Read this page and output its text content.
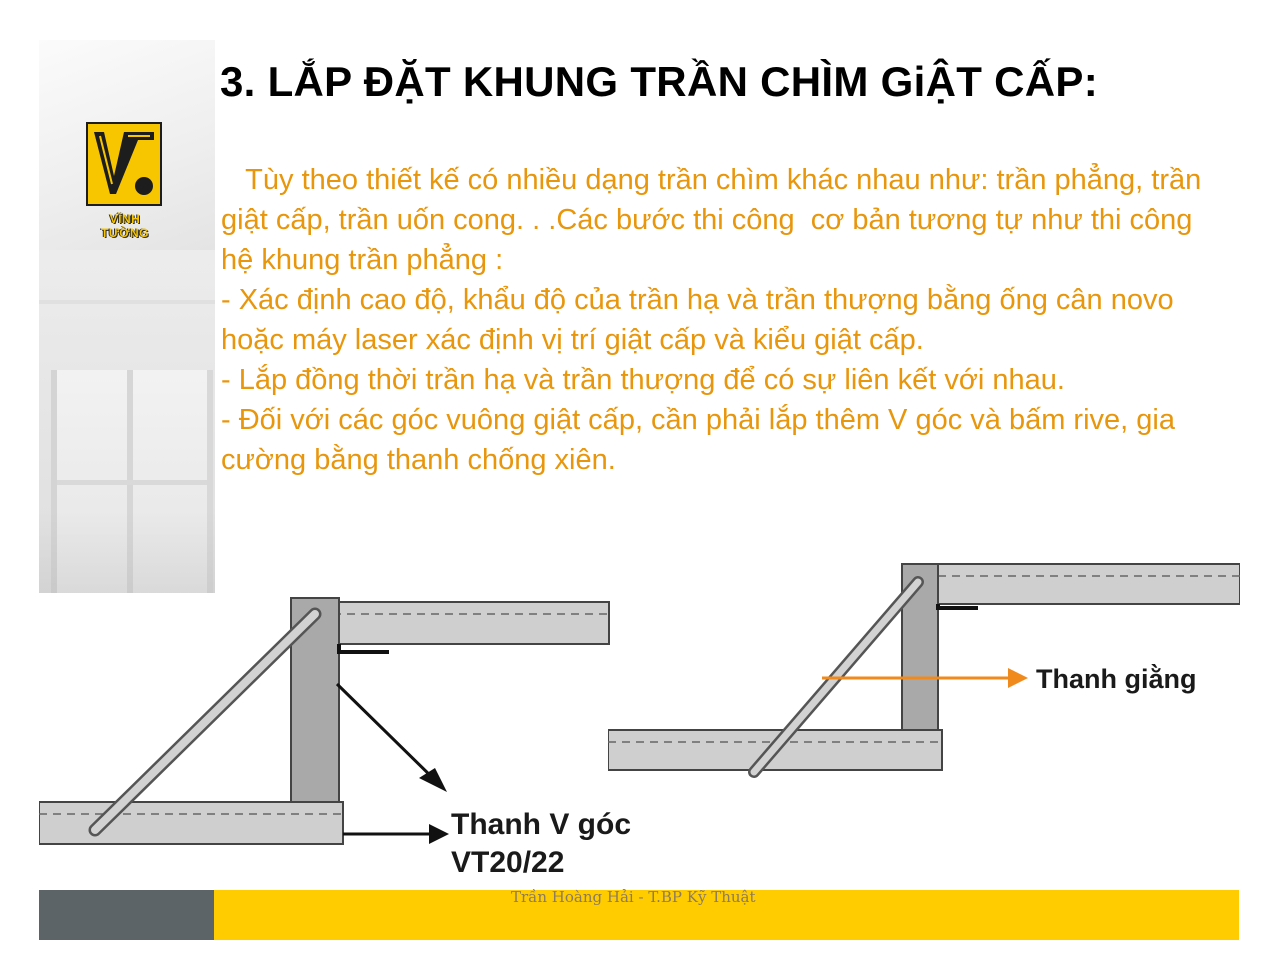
VĨNH TƯỜNG
3. LẮP ĐẶT KHUNG TRẦN CHÌM GiẬT CẤP:

Tùy theo thiết kế có nhiều dạng trần chìm khác nhau như: trần phẳng, trần giật cấp, trần uốn cong. . .Các bước thi công  cơ bản tương tự như thi công hệ khung trần phẳng :

- Xác định cao độ, khẩu độ của trần hạ và trần thượng bằng ống cân novo hoặc máy laser xác định vị trí giật cấp và kiểu giật cấp.

- Lắp đồng thời trần hạ và trần thượng để có sự liên kết với nhau.

- Đối với các góc vuông giật cấp, cần phải lắp thêm V góc và bấm rive, gia cường bằng thanh chống xiên.

Thanh V góc
VT20/22
Thanh giằng
Trần Hoàng Hải - T.BP Kỹ Thuật
